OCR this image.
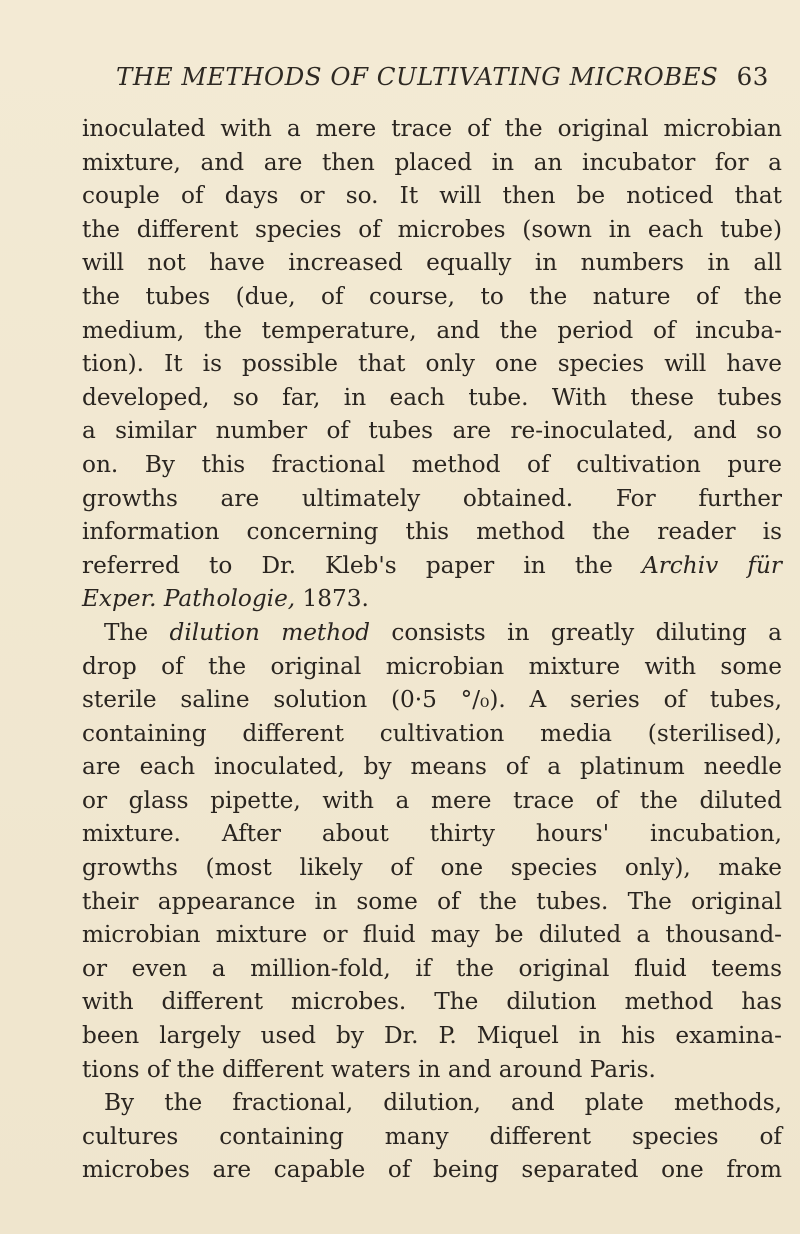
THE METHODS OF CULTIVATING MICROBES 63
inoculated with a mere trace of the original microbian
mixture, and are then placed in an incubator for a
couple of days or so. It will then be noticed that
the different species of microbes (sown in each tube)
will not have increased equally in numbers in all
the tubes (due, of course, to the nature of the
medium, the temperature, and the period of incuba-
tion). It is possible that only one species will have
developed, so far, in each tube. With these tubes
a similar number of tubes are re-inoculated, and so
on. By this fractional method of cultivation pure
growths are ultimately obtained. For further
information concerning this method the reader is
referred to Dr. Kleb's paper in the Archiv für
Exper. Pathologie, 1873.
The dilution method consists in greatly diluting a
drop of the original microbian mixture with some
sterile saline solution (0·5 °/₀). A series of tubes,
containing different cultivation media (sterilised),
are each inoculated, by means of a platinum needle
or glass pipette, with a mere trace of the diluted
mixture. After about thirty hours' incubation,
growths (most likely of one species only), make
their appearance in some of the tubes. The original
microbian mixture or fluid may be diluted a thousand-
or even a million-fold, if the original fluid teems
with different microbes. The dilution method has
been largely used by Dr. P. Miquel in his examina-
tions of the different waters in and around Paris.
By the fractional, dilution, and plate methods,
cultures containing many different species of
microbes are capable of being separated one from
